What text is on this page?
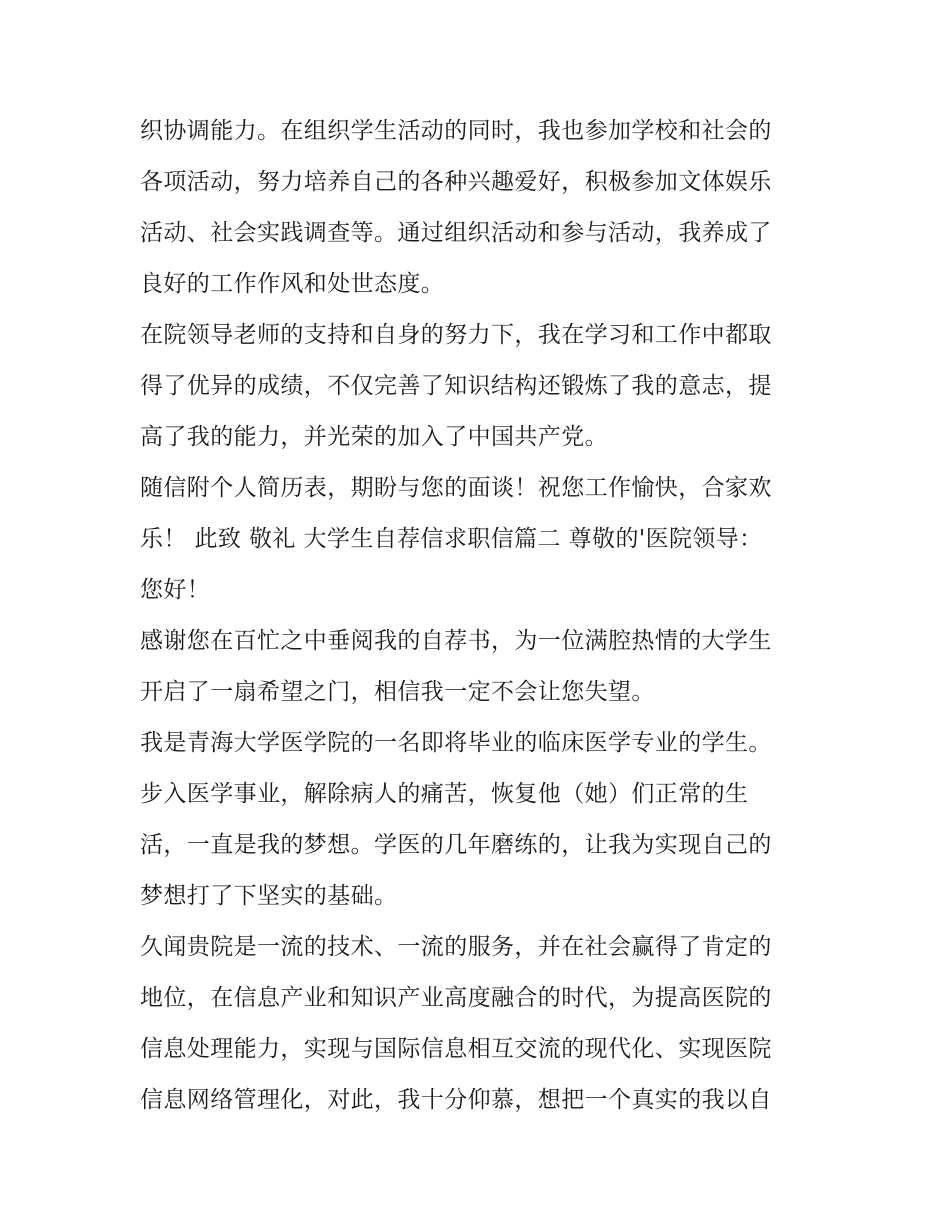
织协调能力。在组织学生活动的同时，我也参加学校和社会的
各项活动，努力培养自己的各种兴趣爱好，积极参加文体娱乐
活动、社会实践调查等。通过组织活动和参与活动，我养成了
良好的工作作风和处世态度。
在院领导老师的支持和自身的努力下，我在学习和工作中都取
得了优异的成绩，不仅完善了知识结构还锻炼了我的意志，提
高了我的能力，并光荣的加入了中国共产党。
随信附个人简历表，期盼与您的面谈！祝您工作愉快，合家欢
乐！ 此致 敬礼 大学生自荐信求职信篇二 尊敬的'医院领导：
您好！
感谢您在百忙之中垂阅我的自荐书，为一位满腔热情的大学生
开启了一扇希望之门，相信我一定不会让您失望。
我是青海大学医学院的一名即将毕业的临床医学专业的学生。
步入医学事业，解除病人的痛苦，恢复他（她）们正常的生
活，一直是我的梦想。学医的几年磨练的，让我为实现自己的
梦想打了下坚实的基础。
久闻贵院是一流的技术、一流的服务，并在社会赢得了肯定的
地位，在信息产业和知识产业高度融合的时代，为提高医院的
信息处理能力，实现与国际信息相互交流的现代化、实现医院
信息网络管理化，对此，我十分仰慕，想把一个真实的我以自
